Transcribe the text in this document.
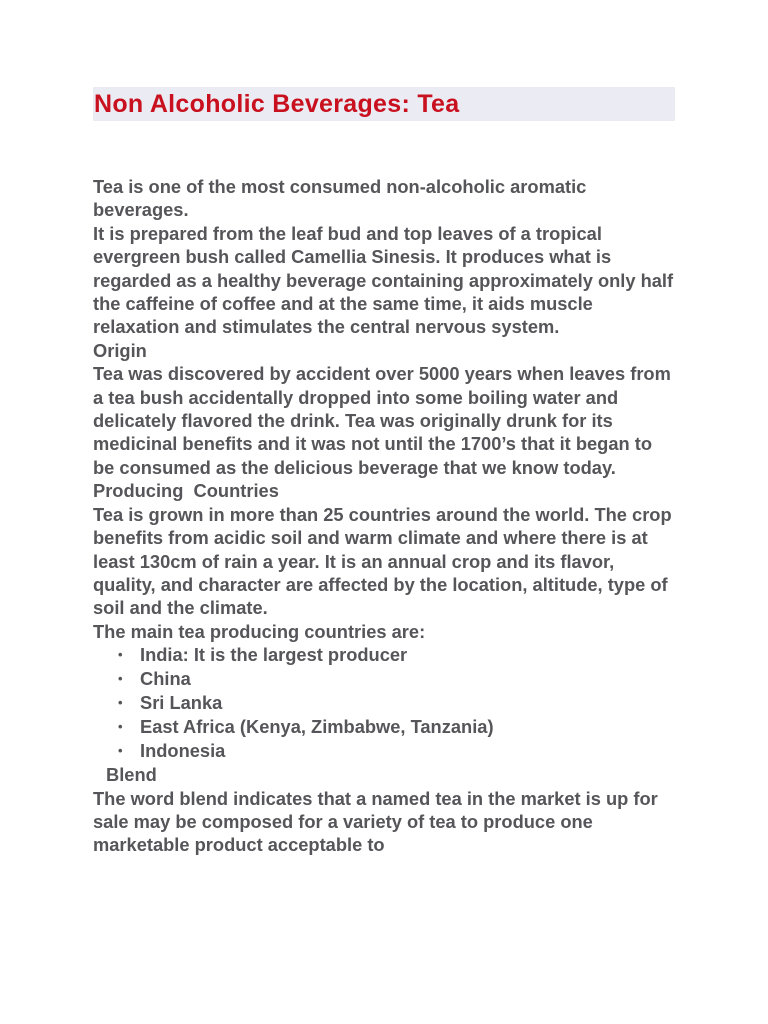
Non Alcoholic Beverages: Tea

Tea is one of the most consumed non-alcoholic aromatic beverages.

It is prepared from the leaf bud and top leaves of a tropical evergreen bush called Camellia Sinesis. It produces what is regarded as a healthy beverage containing approximately only half the caffeine of coffee and at the same time, it aids muscle relaxation and stimulates the central nervous system.

Origin

Tea was discovered by accident over 5000 years when leaves from a tea bush accidentally dropped into some boiling water and delicately flavored the drink. Tea was originally drunk for its medicinal benefits and it was not until the 1700’s that it began to be consumed as the delicious beverage that we know today.

Producing  Countries

Tea is grown in more than 25 countries around the world. The crop benefits from acidic soil and warm climate and where there is at least 130cm of rain a year. It is an annual crop and its flavor, quality, and character are affected by the location, altitude, type of soil and the climate.

The main tea producing countries are:

• India: It is the largest producer
• China
• Sri Lanka
• East Africa (Kenya, Zimbabwe, Tanzania)
• Indonesia

Blend

The word blend indicates that a named tea in the market is up for sale may be composed for a variety of tea to produce one marketable product acceptable to
